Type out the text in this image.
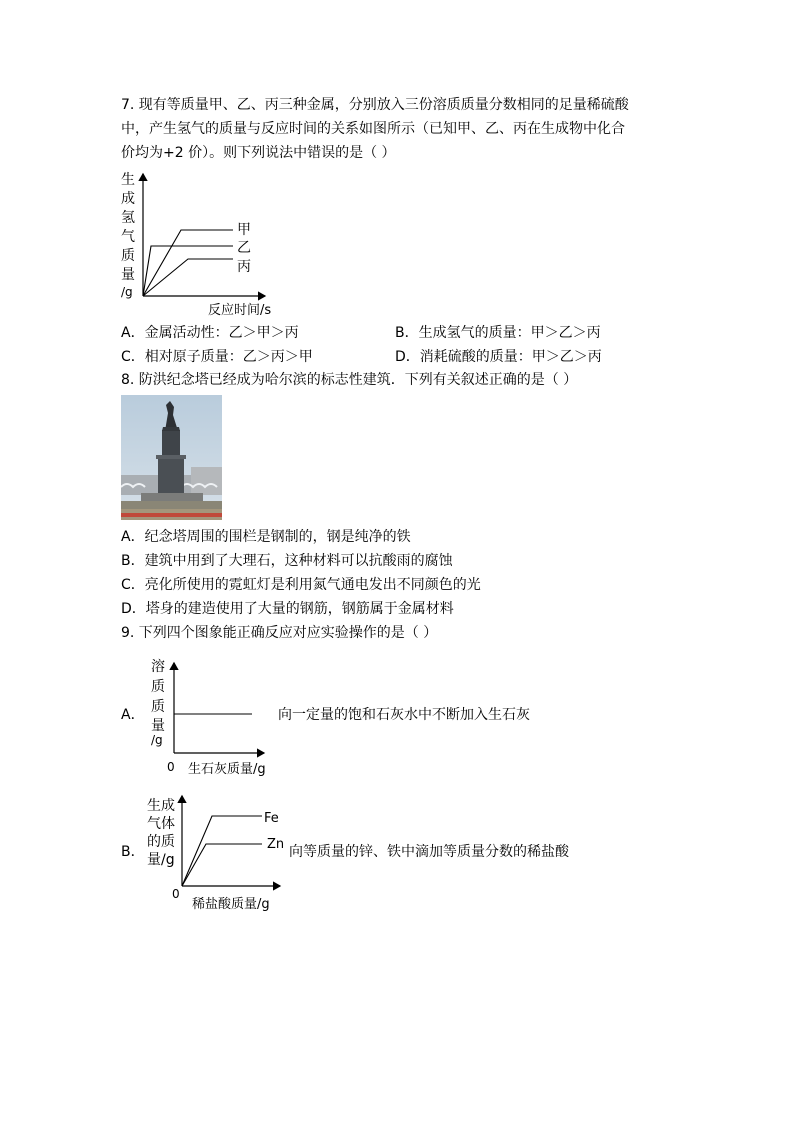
7. 现有等质量甲、乙、丙三种金属，分别放入三份溶质质量分数相同的足量稀硫酸
中，产生氢气的质量与反应时间的关系如图所示（已知甲、乙、丙在生成物中化合
价均为+2 价）。则下列说法中错误的是（ ）
生
成
氢
气
质
量
/g
甲
乙
丙
反应时间/s
A．金属活动性：乙＞甲＞丙	B．生成氢气的质量：甲＞乙＞丙
C．相对原子质量：乙＞丙＞甲	D．消耗硫酸的质量：甲＞乙＞丙
8. 防洪纪念塔已经成为哈尔滨的标志性建筑．下列有关叙述正确的是（ ）
A．纪念塔周围的围栏是钢制的，钢是纯净的铁
B．建筑中用到了大理石，这种材料可以抗酸雨的腐蚀
C．亮化所使用的霓虹灯是利用氮气通电发出不同颜色的光
D．塔身的建造使用了大量的钢筋，钢筋属于金属材料
9. 下列四个图象能正确反应对应实验操作的是（ ）
A．
溶
质
质
量
/g
0 生石灰质量/g
向一定量的饱和石灰水中不断加入生石灰
B．
生成
气体
的质
量/g
Fe
Zn
0
稀盐酸质量/g
向等质量的锌、铁中滴加等质量分数的稀盐酸
